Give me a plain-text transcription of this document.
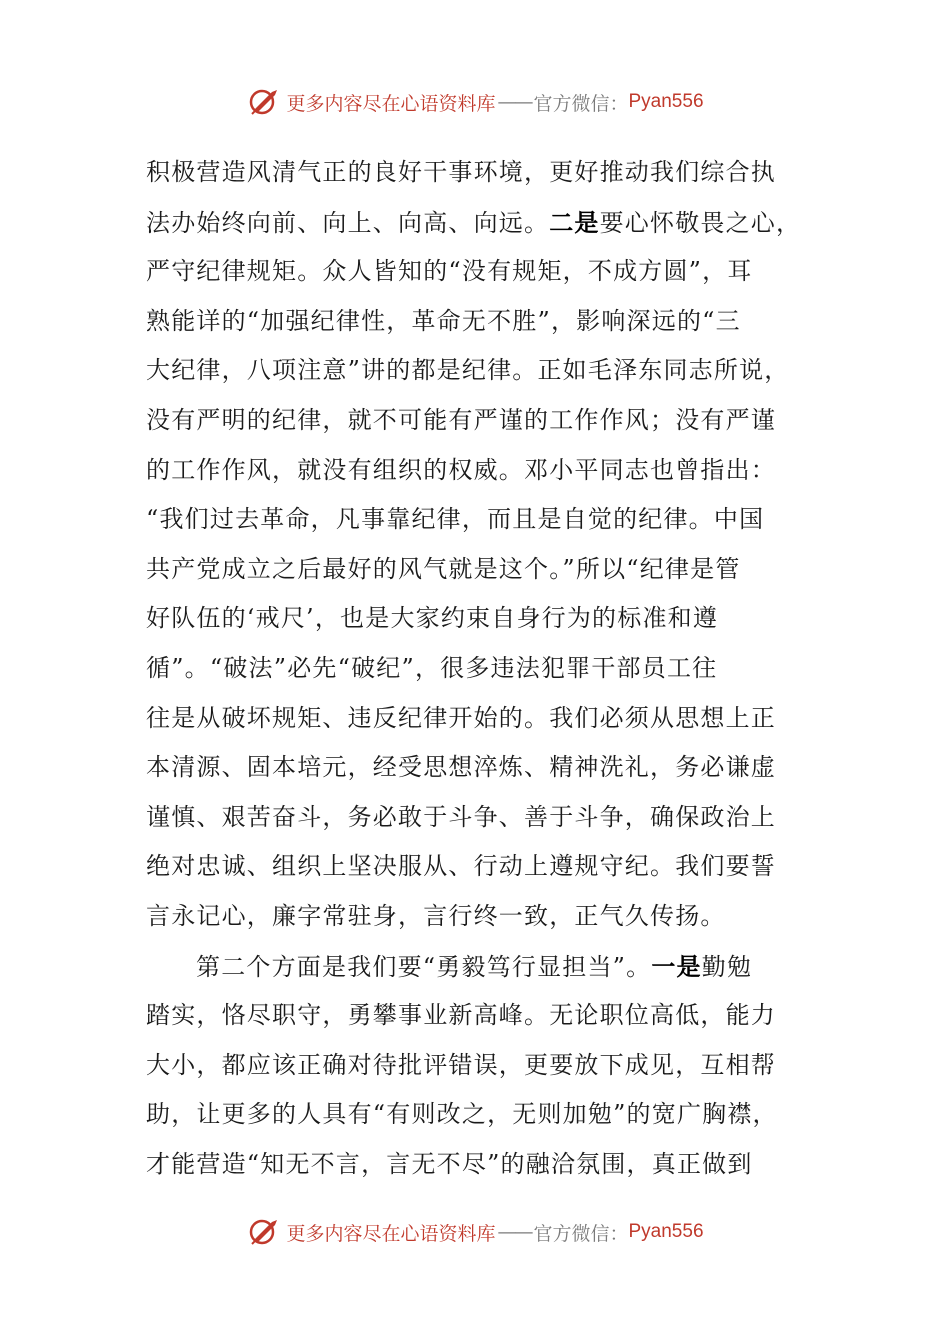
更多内容尽在心语资料库 —— 官方微信： Pyan556
积极营造风清气正的良好干事环境，更好推动我们综合执
法办始终向前、向上、向高、向远。二是要心怀敬畏之心，
严守纪律规矩。众人皆知的“没有规矩，不成方圆”，耳
熟能详的“加强纪律性，革命无不胜”，影响深远的“三
大纪律，八项注意”讲的都是纪律。正如毛泽东同志所说，
没有严明的纪律，就不可能有严谨的工作作风；没有严谨
的工作作风，就没有组织的权威。邓小平同志也曾指出：
“我们过去革命，凡事靠纪律，而且是自觉的纪律。中国
共产党成立之后最好的风气就是这个。”所以“纪律是管
好队伍的‘戒尺’，也是大家约束自身行为的标准和遵
循”。“破法”必先“破纪”，很多违法犯罪干部员工往
往是从破坏规矩、违反纪律开始的。我们必须从思想上正
本清源、固本培元，经受思想淬炼、精神洗礼，务必谦虚
谨慎、艰苦奋斗，务必敢于斗争、善于斗争，确保政治上
绝对忠诚、组织上坚决服从、行动上遵规守纪。我们要誓
言永记心，廉字常驻身，言行终一致，正气久传扬。
第二个方面是我们要“勇毅笃行显担当”。一是勤勉
踏实，恪尽职守，勇攀事业新高峰。无论职位高低，能力
大小，都应该正确对待批评错误，更要放下成见，互相帮
助，让更多的人具有“有则改之，无则加勉”的宽广胸襟，
才能营造“知无不言，言无不尽”的融洽氛围，真正做到
更多内容尽在心语资料库 —— 官方微信： Pyan556
